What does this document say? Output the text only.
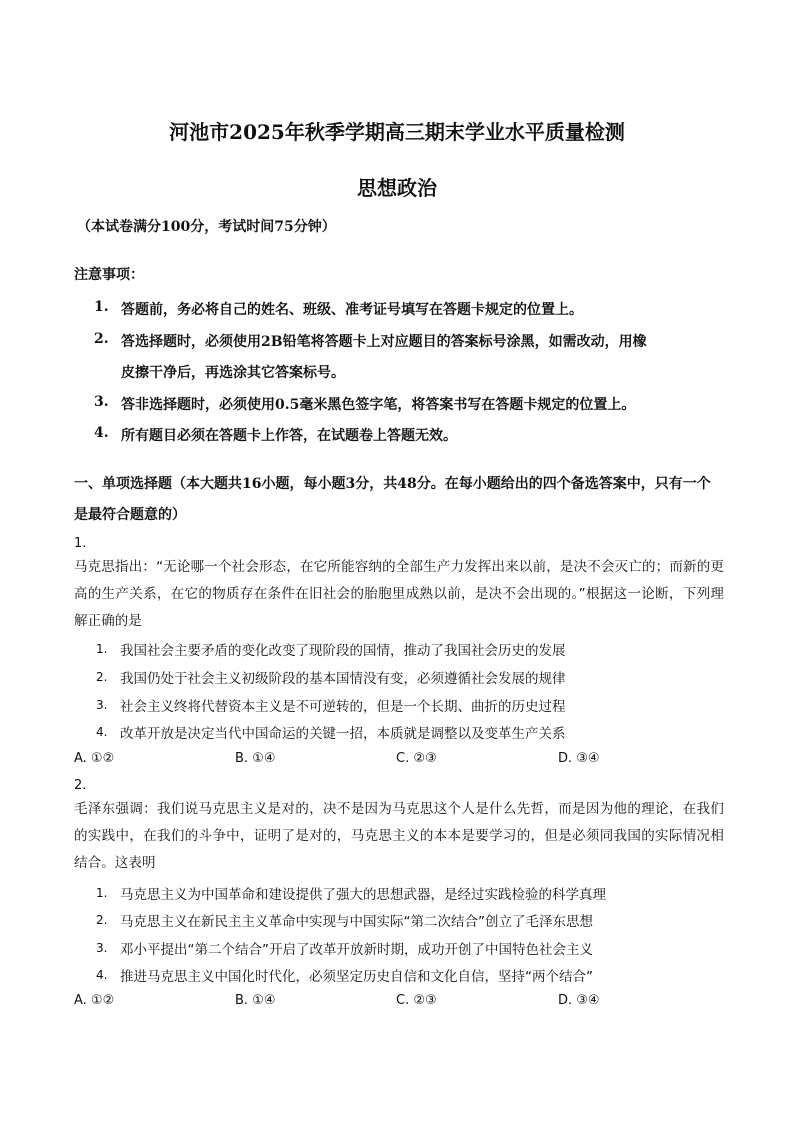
河池市2025年秋季学期高三期末学业水平质量检测
思想政治
（本试卷满分100分，考试时间75分钟）
注意事项：
1. 答题前，务必将自己的姓名、班级、准考证号填写在答题卡规定的位置上。
2. 答选择题时，必须使用2B铅笔将答题卡上对应题目的答案标号涂黑，如需改动，用橡
皮擦干净后，再选涂其它答案标号。
3. 答非选择题时，必须使用0.5毫米黑色签字笔，将答案书写在答题卡规定的位置上。
4. 所有题目必须在答题卡上作答，在试题卷上答题无效。
一、单项选择题（本大题共16小题，每小题3分，共48分。在每小题给出的四个备选答案中，只有一个是最符合题意的）
1.
马克思指出：“无论哪一个社会形态，在它所能容纳的全部生产力发挥出来以前，是决不会灭亡的；而新的更高的生产关系，在它的物质存在条件在旧社会的胎胞里成熟以前，是决不会出现的。”根据这一论断，下列理解正确的是
1. 我国社会主要矛盾的变化改变了现阶段的国情，推动了我国社会历史的发展
2. 我国仍处于社会主义初级阶段的基本国情没有变，必须遵循社会发展的规律
3. 社会主义终将代替资本主义是不可逆转的，但是一个长期、曲折的历史过程
4. 改革开放是决定当代中国命运的关键一招，本质就是调整以及变革生产关系
A. ①②	B. ①④	C. ②③	D. ③④
2.
毛泽东强调：我们说马克思主义是对的，决不是因为马克思这个人是什么先哲，而是因为他的理论，在我们的实践中，在我们的斗争中，证明了是对的，马克思主义的本本是要学习的，但是必须同我国的实际情况相结合。这表明
1. 马克思主义为中国革命和建设提供了强大的思想武器，是经过实践检验的科学真理
2. 马克思主义在新民主主义革命中实现与中国实际“第二次结合”创立了毛泽东思想
3. 邓小平提出“第二个结合”开启了改革开放新时期，成功开创了中国特色社会主义
4. 推进马克思主义中国化时代化，必须坚定历史自信和文化自信，坚持“两个结合”
A. ①②	B. ①④	C. ②③	D. ③④
